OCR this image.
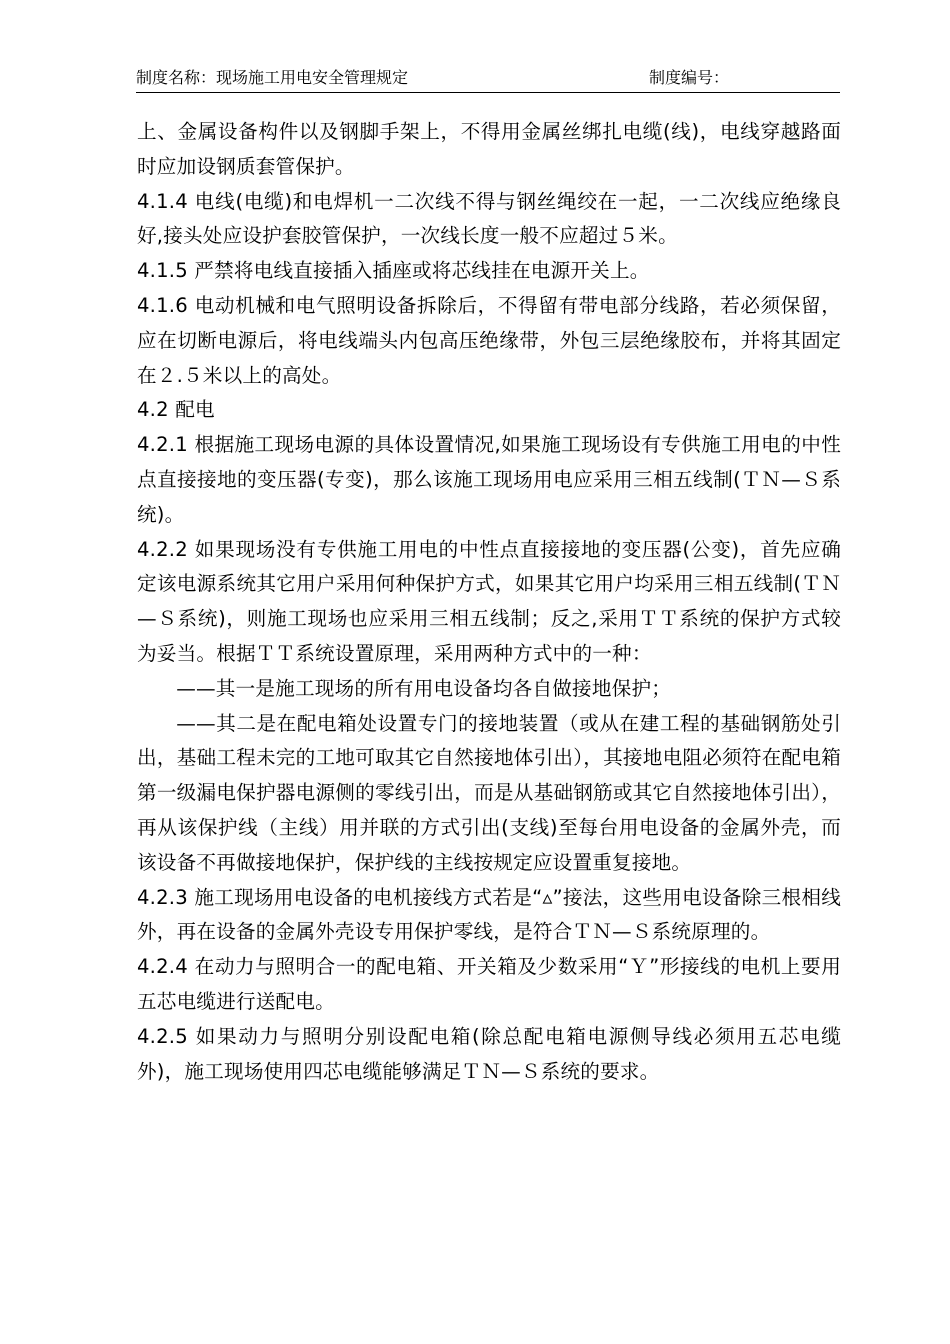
制度名称：现场施工用电安全管理规定	制度编号：

上、金属设备构件以及钢脚手架上，不得用金属丝绑扎电缆(线)，电线穿越路面时应加设钢质套管保护。

4.1.4 电线(电缆)和电焊机一二次线不得与钢丝绳绞在一起，一二次线应绝缘良好,接头处应设护套胶管保护，一次线长度一般不应超过５米。

4.1.5 严禁将电线直接插入插座或将芯线挂在电源开关上。

4.1.6 电动机械和电气照明设备拆除后，不得留有带电部分线路，若必须保留，应在切断电源后，将电线端头内包高压绝缘带，外包三层绝缘胶布，并将其固定在２.５米以上的高处。

4.2 配电

4.2.1 根据施工现场电源的具体设置情况,如果施工现场设有专供施工用电的中性点直接接地的变压器(专变)，那么该施工现场用电应采用三相五线制(ＴＮ—Ｓ系统)。

4.2.2 如果现场没有专供施工用电的中性点直接接地的变压器(公变)，首先应确定该电源系统其它用户采用何种保护方式，如果其它用户均采用三相五线制(ＴＮ—Ｓ系统)，则施工现场也应采用三相五线制；反之,采用ＴＴ系统的保护方式较为妥当。根据ＴＴ系统设置原理，采用两种方式中的一种：

——其一是施工现场的所有用电设备均各自做接地保护；

——其二是在配电箱处设置专门的接地装置（或从在建工程的基础钢筋处引出，基础工程未完的工地可取其它自然接地体引出），其接地电阻必须符在配电箱第一级漏电保护器电源侧的零线引出，而是从基础钢筋或其它自然接地体引出），再从该保护线（主线）用并联的方式引出(支线)至每台用电设备的金属外壳，而该设备不再做接地保护，保护线的主线按规定应设置重复接地。

4.2.3 施工现场用电设备的电机接线方式若是“▵”接法，这些用电设备除三根相线外，再在设备的金属外壳设专用保护零线，是符合ＴＮ—Ｓ系统原理的。

4.2.4 在动力与照明合一的配电箱、开关箱及少数采用“Ｙ”形接线的电机上要用五芯电缆进行送配电。

4.2.5 如果动力与照明分别设配电箱(除总配电箱电源侧导线必须用五芯电缆外)，施工现场使用四芯电缆能够满足ＴＮ—Ｓ系统的要求。
